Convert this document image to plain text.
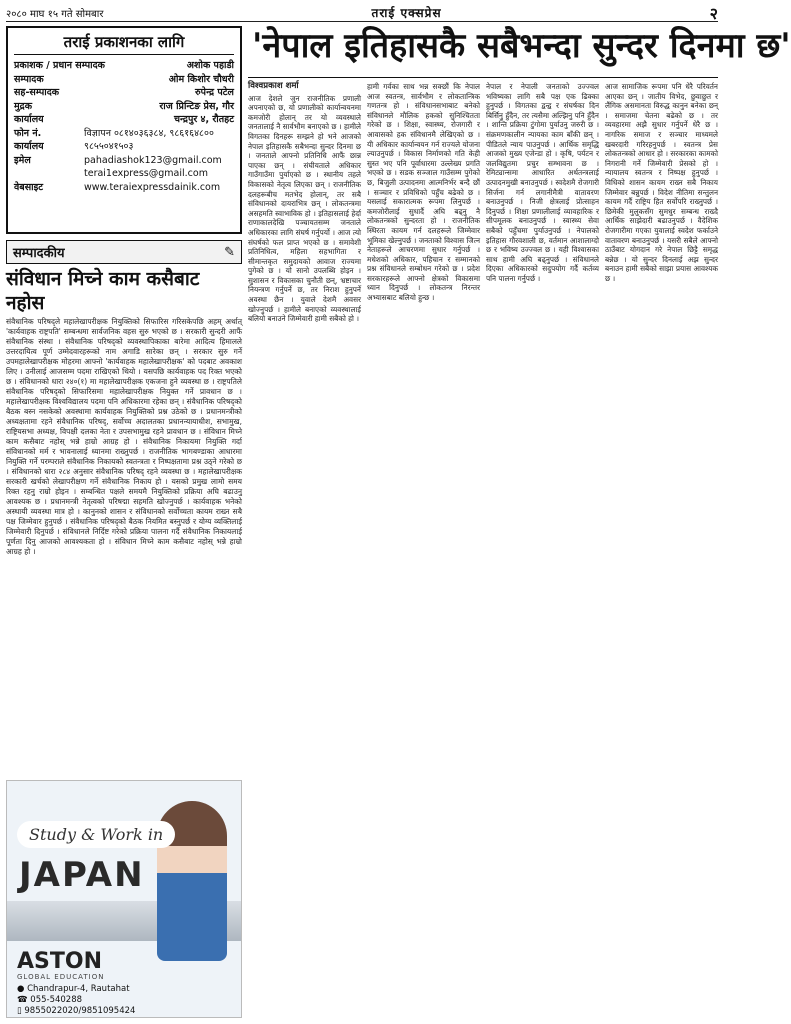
२०८० माघ १५ गते सोमबार	तराई एक्सप्रेस	२
तराई प्रकाशनका लागि
प्रकाशक / प्रधान सम्पादक	अशोक पहाडी
सम्पादक	ओम किशोर चौधरी
सह-सम्पादक	रुपेन्द्र पटेल
मुद्रक	राज प्रिन्टिङ प्रेस, गौर
कार्यालय	चन्द्रपुर ४, रौतहट
फोन नं.	विज्ञापन ०८१४०३६३८४, ९८६१६४८००
कार्यालय	९८५५०४१५०३
इमेल	pahadiashok123@gmail.com
terai1express@gmail.com
वेबसाइट	www.teraiexpressdainik.com
सम्पादकीय	✎
संविधान मिच्ने काम कसैबाट नहोस
संवैधानिक परिषद्ले महालेखापरीक्षक नियुक्तिको सिफारिस गरिसकेपछि अहम् अर्थात् 'कार्यवाहक राष्ट्रपति' सम्बन्धमा सार्वजनिक वहस सुरु भएको छ । सरकारी सुन्दरी आफैं संवैधानिक संस्था । संवैधानिक परिषद्को व्यवस्थापिकाका बारेमा आदित्य हिमालले उत्तरदायित्व पूर्ण उम्मेदवारहरूको नाम अगाडि सारेका छन् । सरकार सुरु गर्ने उपमहालेखापरीक्षक मोहरमा आफ्नो 'कार्यवाहक महालेखापरीक्षक' को पदबाट अवकाश लिए । उनीलाई आजसम्म पदमा राखिएको थियो । यसपछि कार्यवाहक पद रिक्त भएको छ । संविधानको धारा २४०(१) मा महालेखापरीक्षक एकजना हुने व्यवस्था छ । राष्ट्रपतिले संवैधानिक परिषद्को सिफारिसमा महालेखापरीक्षक नियुक्त गर्ने प्रावधान छ । महालेखापरीक्षक विश्वविद्यालय पदमा पनि अधिकारमा रहेका छन् । संवैधानिक परिषद्को बैठक बस्न नसकेको अवस्थामा कार्यवाहक नियुक्तिको प्रश्न उठेको छ । प्रधानमन्त्रीको अध्यक्षतामा रहने संवैधानिक परिषद्, सर्वोच्च अदालतका प्रधानन्यायाधीश, सभामुख, राष्ट्रियसभा अध्यक्ष, विपक्षी दलका नेता र उपसभामुख रहने प्रावधान छ । संविधान मिच्ने काम कसैबाट नहोस् भन्ने हाम्रो आग्रह हो । संवैधानिक निकायमा नियुक्ति गर्दा संविधानको मर्म र भावनालाई ध्यानमा राख्नुपर्छ । राजनीतिक भागबण्डाका आधारमा नियुक्ति गर्ने परम्पराले संवैधानिक निकायको स्वतन्त्रता र निष्पक्षतामा प्रश्न उठ्ने गरेको छ । संविधानको धारा २८४ अनुसार संवैधानिक परिषद् रहने व्यवस्था छ । महालेखापरीक्षक सरकारी खर्चको लेखापरीक्षण गर्ने संवैधानिक निकाय हो । यसको प्रमुख लामो समय रिक्त रहनु राम्रो होइन । सम्बन्धित पक्षले समयमै नियुक्तिको प्रक्रिया अघि बढाउनु आवश्यक छ । प्रधानमन्त्री नेतृत्वको परिषद्मा सहमति खोज्नुपर्छ । कार्यवाहक भनेको अस्थायी व्यवस्था मात्र हो । कानुनको शासन र संविधानको सर्वोच्चता कायम राख्न सबै पक्ष जिम्मेवार हुनुपर्छ । संवैधानिक परिषद्को बैठक नियमित बस्नुपर्छ र योग्य व्यक्तिलाई जिम्मेवारी दिनुपर्छ । संविधानले निर्दिष्ट गरेको प्रक्रिया पालना गर्दै संवैधानिक निकायलाई पूर्णता दिनु आजको आवश्यकता हो । संविधान मिच्ने काम कसैबाट नहोस् भन्ने हाम्रो आग्रह हो ।
Study & Work in
JAPAN
ASTON
GLOBAL EDUCATION
● Chandrapur-4, Rautahat
☎ 055-540288
▯ 9855022020/9851095424
'नेपाल इतिहासकै सबैभन्दा सुन्दर दिनमा छ'
विश्वप्रकाश शर्मा
आज देशले जुन राजनीतिक प्रणाली अपनाएको छ, यो प्रणालीको कार्यान्वयनमा कमजोरी होलान् तर यो व्यवस्थाले जनतालाई नै सार्वभौम बनाएको छ । हामीले विगतका दिनहरू सम्झने हो भने आजको नेपाल इतिहासकै सबैभन्दा सुन्दर दिनमा छ । जनताले आफ्नो प्रतिनिधि आफैं छान्न पाएका छन् । संघीयताले अधिकार गाउँगाउँमा पुर्याएको छ । स्थानीय तहले विकासको नेतृत्व लिएका छन् । राजनीतिक दलहरूबीच मतभेद होलान्, तर सबै संविधानको दायराभित्र छन् । लोकतन्त्रमा असहमति स्वाभाविक हो । इतिहासलाई हेर्दा राणाकालदेखि पञ्चायतसम्म जनताले अधिकारका लागि संघर्ष गर्नुपर्यो । आज त्यो संघर्षको फल प्राप्त भएको छ । समावेशी प्रतिनिधित्व, महिला सहभागिता र सीमान्तकृत समुदायको आवाज राज्यमा पुगेको छ । यो सानो उपलब्धि होइन । सुशासन र विकासका चुनौती छन्, भ्रष्टाचार नियन्त्रण गर्नुपर्ने छ, तर निराश हुनुपर्ने अवस्था छैन । युवाले देशमै अवसर खोज्नुपर्छ । हामीले बनाएको व्यवस्थालाई बलियो बनाउने जिम्मेवारी हामी सबैको हो ।
हामी गर्वका साथ भन्न सक्छौं कि नेपाल आज स्वतन्त्र, सार्वभौम र लोकतान्त्रिक गणतन्त्र हो । संविधानसभाबाट बनेको संविधानले मौलिक हकको सुनिश्चितता गरेको छ । शिक्षा, स्वास्थ्य, रोजगारी र आवासको हक संविधानमै लेखिएको छ । यी अधिकार कार्यान्वयन गर्न राज्यले योजना ल्याउनुपर्छ । विकास निर्माणको गति केही सुस्त भए पनि पूर्वाधारमा उल्लेख्य प्रगति भएको छ । सडक सञ्जाल गाउँसम्म पुगेको छ, बिजुली उत्पादनमा आत्मनिर्भर बन्दै छौं । सञ्चार र प्रविधिको पहुँच बढेको छ । यसलाई सकारात्मक रूपमा लिनुपर्छ । कमजोरीलाई सुधार्दै अघि बढ्नु नै लोकतन्त्रको सुन्दरता हो । राजनीतिक स्थिरता कायम गर्न दलहरूले जिम्मेवार भूमिका खेल्नुपर्छ । जनताको विश्वास जित्न नेताहरूले आचरणमा सुधार गर्नुपर्छ । मधेशको अधिकार, पहिचान र सम्मानको प्रश्न संविधानले सम्बोधन गरेको छ । प्रदेश सरकारहरूले आफ्नो क्षेत्रको विकासमा ध्यान दिनुपर्छ । लोकतन्त्र निरन्तर अभ्यासबाट बलियो हुन्छ ।
नेपाल र नेपाली जनताको उज्ज्वल भविष्यका लागि सबै पक्ष एक ढिक्का हुनुपर्छ । विगतका द्वन्द्व र संघर्षका दिन बिर्सिनु हुँदैन, तर त्यसैमा अल्झिनु पनि हुँदैन । शान्ति प्रक्रिया टुंगोमा पुर्याउनु जरुरी छ । संक्रमणकालीन न्यायका काम बाँकी छन् । पीडितले न्याय पाउनुपर्छ । आर्थिक समृद्धि आजको मुख्य एजेन्डा हो । कृषि, पर्यटन र जलविद्युतमा प्रचुर सम्भावना छ । रेमिट्यान्समा आधारित अर्थतन्त्रलाई उत्पादनमुखी बनाउनुपर्छ । स्वदेशमै रोजगारी सिर्जना गर्न लगानीमैत्री वातावरण बनाउनुपर्छ । निजी क्षेत्रलाई प्रोत्साहन दिनुपर्छ । शिक्षा प्रणालीलाई व्यावहारिक र सीपमूलक बनाउनुपर्छ । स्वास्थ्य सेवा सबैको पहुँचमा पुर्याउनुपर्छ । नेपालको इतिहास गौरवशाली छ, वर्तमान आशालाग्दो छ र भविष्य उज्ज्वल छ । यही विश्वासका साथ हामी अघि बढ्नुपर्छ । संविधानले दिएका अधिकारको सदुपयोग गर्दै कर्तव्य पनि पालना गर्नुपर्छ ।
आज सामाजिक रूपमा पनि धेरै परिवर्तन आएका छन् । जातीय विभेद, छुवाछुत र लैंगिक असमानता विरुद्ध कानुन बनेका छन् । समाजमा चेतना बढेको छ । तर व्यवहारमा अझै सुधार गर्नुपर्ने धेरै छ । नागरिक समाज र सञ्चार माध्यमले खबरदारी गरिरहनुपर्छ । स्वतन्त्र प्रेस लोकतन्त्रको आधार हो । सरकारका कामको निगरानी गर्ने जिम्मेवारी प्रेसको हो । न्यायालय स्वतन्त्र र निष्पक्ष हुनुपर्छ । विधिको शासन कायम राख्न सबै निकाय जिम्मेवार बन्नुपर्छ । विदेश नीतिमा सन्तुलन कायम गर्दै राष्ट्रिय हित सर्वोपरि राख्नुपर्छ । छिमेकी मुलुकसँग सुमधुर सम्बन्ध राख्दै आर्थिक साझेदारी बढाउनुपर्छ । वैदेशिक रोजगारीमा गएका युवालाई स्वदेश फर्काउने वातावरण बनाउनुपर्छ । यसरी सबैले आफ्नो ठाउँबाट योगदान गरे नेपाल छिट्टै समृद्ध बन्नेछ । यो सुन्दर दिनलाई अझ सुन्दर बनाउन हामी सबैको साझा प्रयास आवश्यक छ ।
